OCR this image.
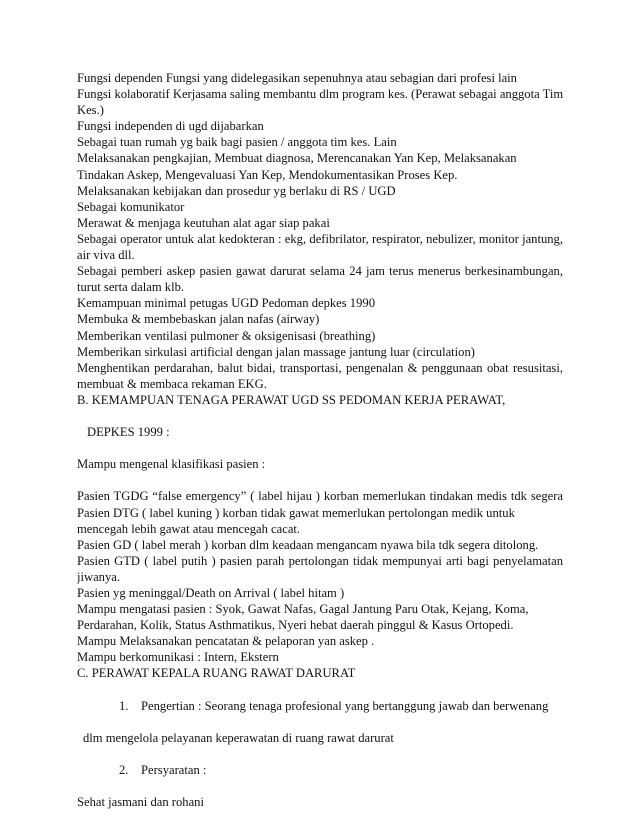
Fungsi dependen Fungsi yang didelegasikan sepenuhnya atau sebagian dari profesi lain
Fungsi kolaboratif Kerjasama saling membantu dlm program kes. (Perawat sebagai anggota Tim
Kes.)
Fungsi independen di ugd dijabarkan
Sebagai tuan rumah yg baik bagi pasien / anggota tim kes. Lain
Melaksanakan pengkajian, Membuat diagnosa, Merencanakan Yan Kep, Melaksanakan
Tindakan Askep, Mengevaluasi Yan Kep, Mendokumentasikan Proses Kep.
Melaksanakan kebijakan dan prosedur yg berlaku di RS / UGD
Sebagai komunikator
Merawat & menjaga keutuhan alat agar siap pakai
Sebagai operator untuk alat kedokteran : ekg, defibrilator, respirator, nebulizer, monitor jantung,
air viva dll.
Sebagai pemberi askep pasien gawat darurat selama 24 jam terus menerus berkesinambungan,
turut serta dalam klb.
Kemampuan minimal petugas UGD Pedoman depkes 1990
Membuka & membebaskan jalan nafas (airway)
Memberikan ventilasi pulmoner & oksigenisasi (breathing)
Memberikan sirkulasi artificial dengan jalan massage jantung luar (circulation)
Menghentikan perdarahan, balut bidai, transportasi, pengenalan & penggunaan obat resusitasi,
membuat & membaca rekaman EKG.
B. KEMAMPUAN TENAGA PERAWAT UGD SS PEDOMAN KERJA PERAWAT,
DEPKES 1999 :
Mampu mengenal klasifikasi pasien :
Pasien TGDG “false emergency” ( label hijau ) korban memerlukan tindakan medis tdk segera
Pasien DTG ( label kuning ) korban tidak gawat memerlukan pertolongan medik untuk
mencegah lebih gawat atau mencegah cacat.
Pasien GD ( label merah ) korban dlm keadaan mengancam nyawa bila tdk segera ditolong.
Pasien GTD ( label putih ) pasien parah pertolongan tidak mempunyai arti bagi penyelamatan
jiwanya.
Pasien yg meninggal/Death on Arrival ( label hitam )
Mampu mengatasi pasien : Syok, Gawat Nafas, Gagal Jantung Paru Otak, Kejang, Koma,
Perdarahan, Kolik, Status Asthmatikus, Nyeri hebat daerah pinggul & Kasus Ortopedi.
Mampu Melaksanakan pencatatan & pelaporan yan askep .
Mampu berkomunikasi : Intern, Ekstern
C. PERAWAT KEPALA RUANG RAWAT DARURAT
1. Pengertian : Seorang tenaga profesional yang bertanggung jawab dan berwenang
dlm mengelola pelayanan keperawatan di ruang rawat darurat
2. Persyaratan :
Sehat jasmani dan rohani
